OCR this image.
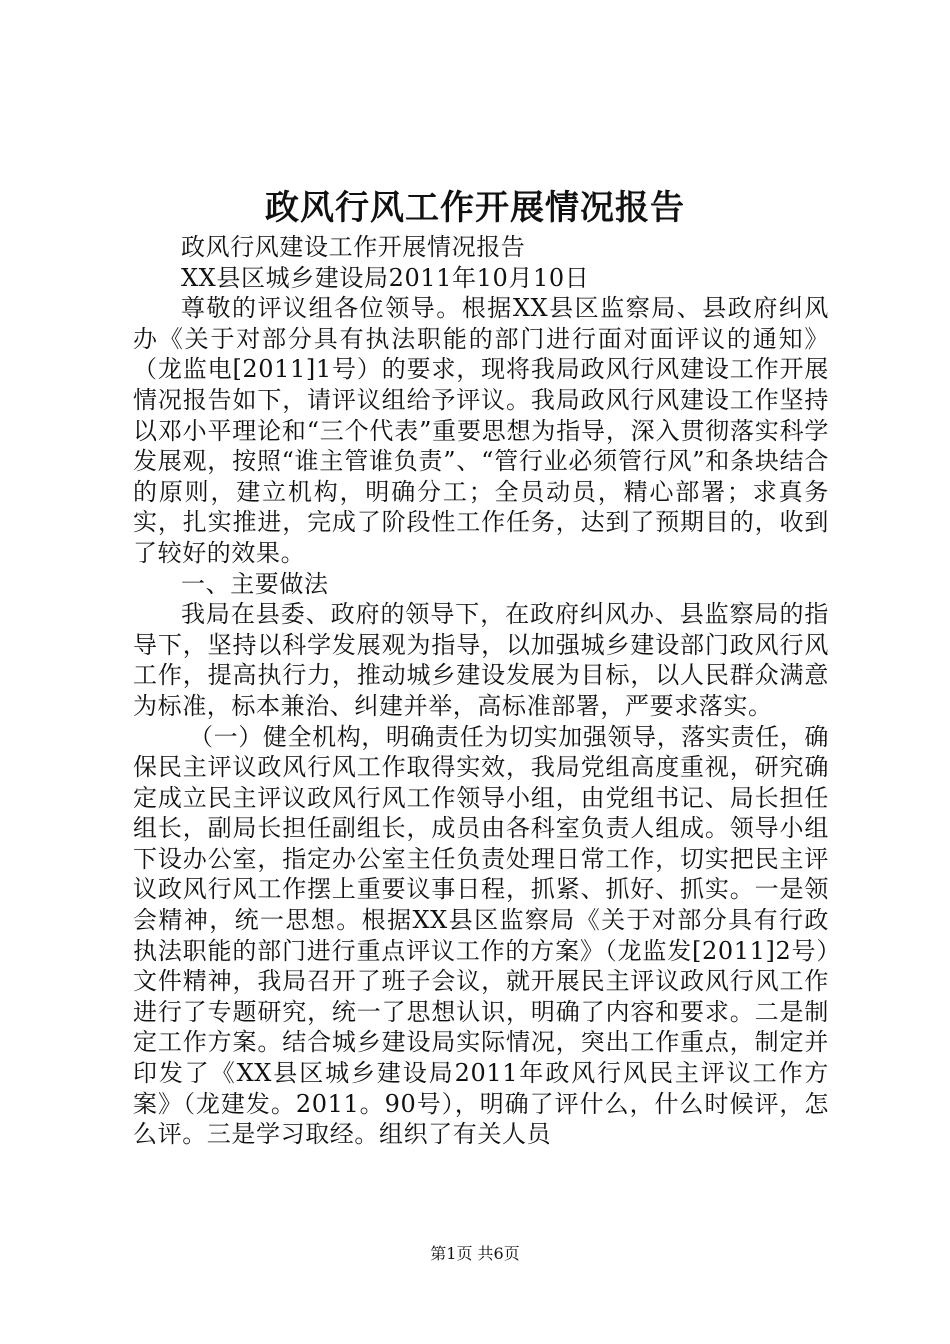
政风行风工作开展情况报告

政风行风建设工作开展情况报告

XX县区城乡建设局2011年10月10日

尊敬的评议组各位领导。根据XX县区监察局、县政府纠风办《关于对部分具有执法职能的部门进行面对面评议的通知》（龙监电[2011]1号）的要求，现将我局政风行风建设工作开展情况报告如下，请评议组给予评议。我局政风行风建设工作坚持以邓小平理论和“三个代表”重要思想为指导，深入贯彻落实科学发展观，按照“谁主管谁负责”、“管行业必须管行风”和条块结合的原则，建立机构，明确分工；全员动员，精心部署；求真务实，扎实推进，完成了阶段性工作任务，达到了预期目的，收到了较好的效果。

一、主要做法

我局在县委、政府的领导下，在政府纠风办、县监察局的指导下，坚持以科学发展观为指导，以加强城乡建设部门政风行风工作，提高执行力，推动城乡建设发展为目标，以人民群众满意为标准，标本兼治、纠建并举，高标准部署，严要求落实。

（一）健全机构，明确责任为切实加强领导，落实责任，确保民主评议政风行风工作取得实效，我局党组高度重视，研究确定成立民主评议政风行风工作领导小组，由党组书记、局长担任组长，副局长担任副组长，成员由各科室负责人组成。领导小组下设办公室，指定办公室主任负责处理日常工作，切实把民主评议政风行风工作摆上重要议事日程，抓紧、抓好、抓实。一是领会精神，统一思想。根据XX县区监察局《关于对部分具有行政执法职能的部门进行重点评议工作的方案》（龙监发[2011]2号）文件精神，我局召开了班子会议，就开展民主评议政风行风工作进行了专题研究，统一了思想认识，明确了内容和要求。二是制定工作方案。结合城乡建设局实际情况，突出工作重点，制定并印发了《XX县区城乡建设局2011年政风行风民主评议工作方案》（龙建发。2011。90号），明确了评什么，什么时候评，怎么评。三是学习取经。组织了有关人员

第1页 共6页
